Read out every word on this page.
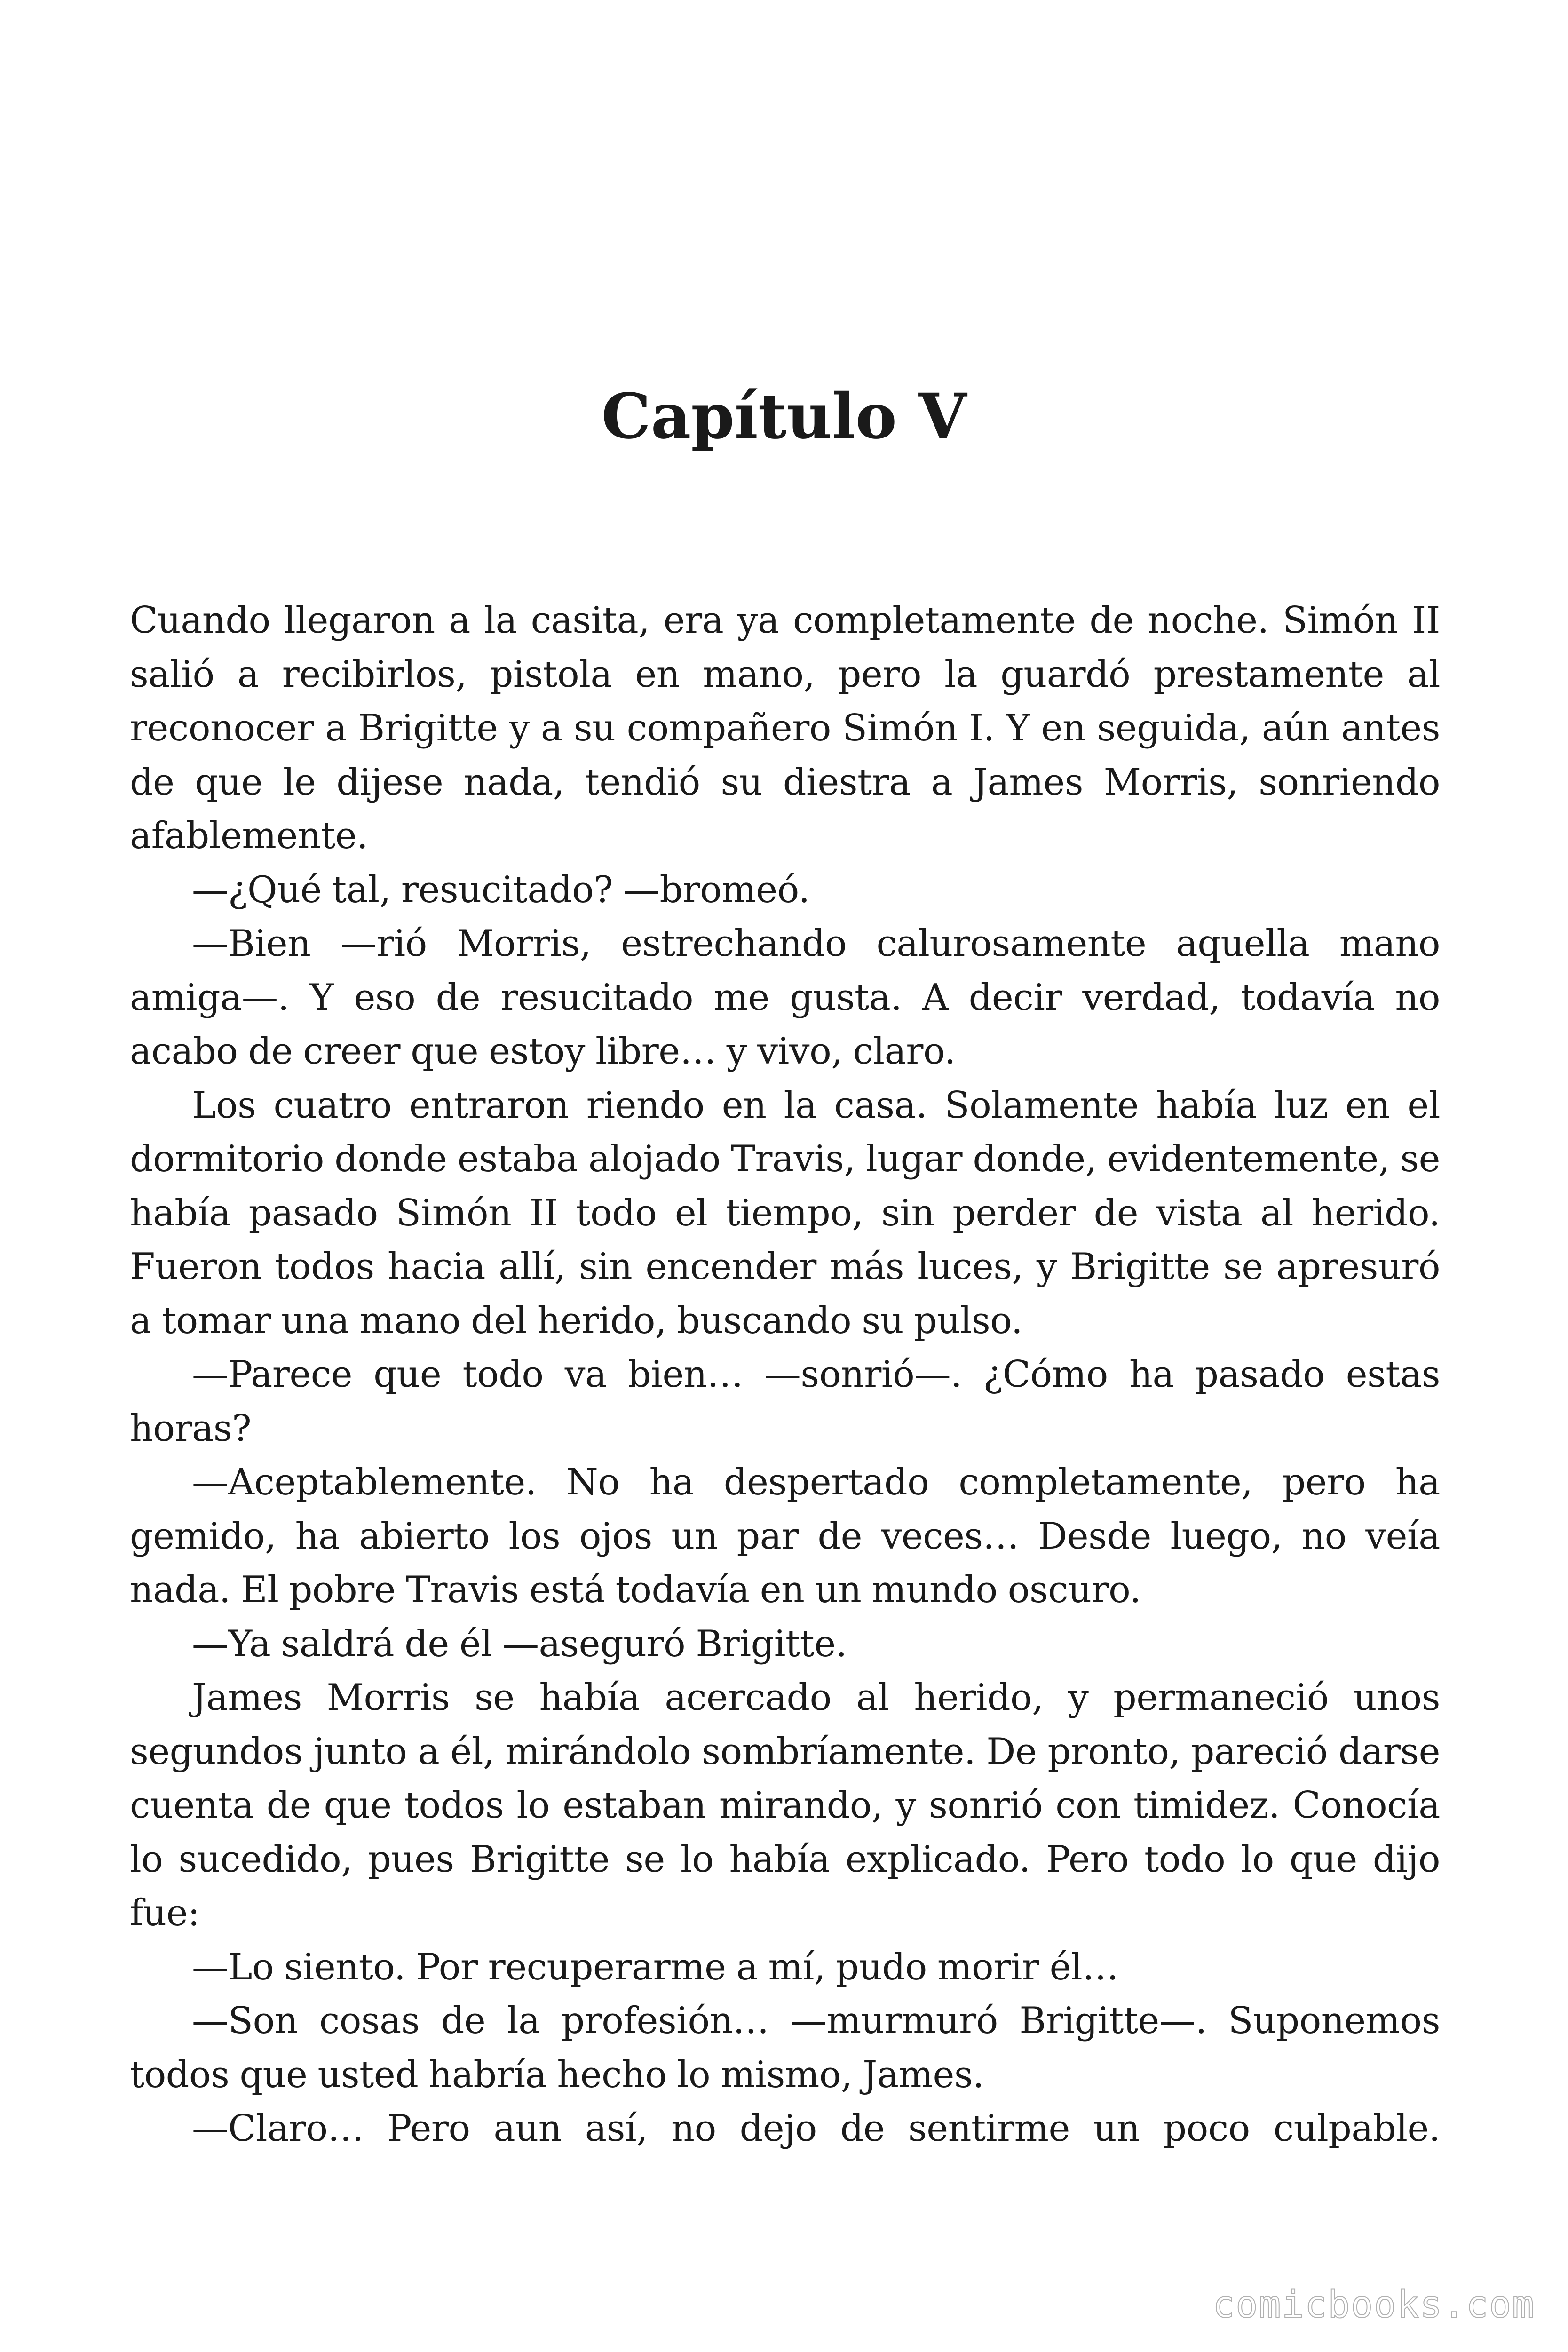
Capítulo V

Cuando llegaron a la casita, era ya completamente de noche. Simón II salió a recibirlos, pistola en mano, pero la guardó prestamente al reconocer a Brigitte y a su compañero Simón I. Y en seguida, aún antes de que le dijese nada, tendió su diestra a James Morris, sonriendo afablemente.

—¿Qué tal, resucitado? —bromeó.

—Bien —rió Morris, estrechando calurosamente aquella mano amiga—. Y eso de resucitado me gusta. A decir verdad, todavía no acabo de creer que estoy libre… y vivo, claro.

Los cuatro entraron riendo en la casa. Solamente había luz en el dormitorio donde estaba alojado Travis, lugar donde, evidentemente, se había pasado Simón II todo el tiempo, sin perder de vista al herido. Fueron todos hacia allí, sin encender más luces, y Brigitte se apresuró a tomar una mano del herido, buscando su pulso.

—Parece que todo va bien… —sonrió—. ¿Cómo ha pasado estas horas?

—Aceptablemente. No ha despertado completamente, pero ha gemido, ha abierto los ojos un par de veces… Desde luego, no veía nada. El pobre Travis está todavía en un mundo oscuro.

—Ya saldrá de él —aseguró Brigitte.

James Morris se había acercado al herido, y permaneció unos segundos junto a él, mirándolo sombríamente. De pronto, pareció darse cuenta de que todos lo estaban mirando, y sonrió con timidez. Conocía lo sucedido, pues Brigitte se lo había explicado. Pero todo lo que dijo fue:

—Lo siento. Por recuperarme a mí, pudo morir él…

—Son cosas de la profesión… —murmuró Brigitte—. Suponemos todos que usted habría hecho lo mismo, James.

—Claro… Pero aun así, no dejo de sentirme un poco culpable.

comicbooks.com
